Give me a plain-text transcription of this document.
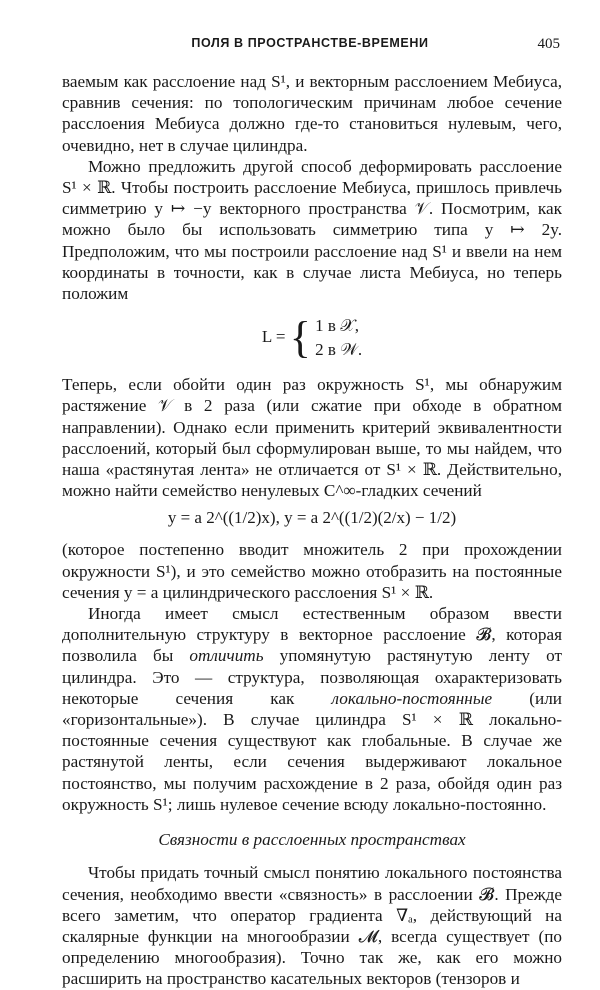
ПОЛЯ В ПРОСТРАНСТВЕ-ВРЕМЕНИ	405

ваемым как расслоение над S¹, и векторным расслоением Мебиуса, сравнив сечения: по топологическим причинам любое сечение расслоения Мебиуса должно где-то становиться нулевым, чего, очевидно, нет в случае цилиндра.

Можно предложить другой способ деформировать расслоение S¹ × ℝ. Чтобы построить расслоение Мебиуса, пришлось привлечь симметрию y ↦ −y векторного пространства 𝒱. Посмотрим, как можно было бы использовать симметрию типа y ↦ 2y. Предположим, что мы построили расслоение над S¹ и ввели на нем координаты в точности, как в случае листа Мебиуса, но теперь положим

L = { 1 в 𝒳,
2 в 𝒲.

Теперь, если обойти один раз окружность S¹, мы обнаружим растяжение 𝒱 в 2 раза (или сжатие при обходе в обратном направлении). Однако если применить критерий эквивалентности расслоений, который был сформулирован выше, то мы найдем, что наша «растянутая лента» не отличается от S¹ × ℝ. Действительно, можно найти семейство ненулевых C^∞-гладких сечений

y = a 2^((1/2)x), y = a 2^((1/2)(2/x) − 1/2)

(которое постепенно вводит множитель 2 при прохождении окружности S¹), и это семейство можно отобразить на постоянные сечения y = a цилиндрического расслоения S¹ × ℝ.

Иногда имеет смысл естественным образом ввести дополнительную структуру в векторное расслоение 𝓑, которая позволила бы отличить упомянутую растянутую ленту от цилиндра. Это — структура, позволяющая охарактеризовать некоторые сечения как локально-постоянные (или «горизонтальные»). В случае цилиндра S¹ × ℝ локально-постоянные сечения существуют как глобальные. В случае же растянутой ленты, если сечения выдерживают локальное постоянство, мы получим расхождение в 2 раза, обойдя один раз окружность S¹; лишь нулевое сечение всюду локально-постоянно.

Связности в расслоенных пространствах

Чтобы придать точный смысл понятию локального постоянства сечения, необходимо ввести «связность» в расслоении 𝓑. Прежде всего заметим, что оператор градиента ∇ₐ, действующий на скалярные функции на многообразии 𝓜, всегда существует (по определению многообразия). Точно так же, как его можно расширить на пространство касательных векторов (тензоров и
